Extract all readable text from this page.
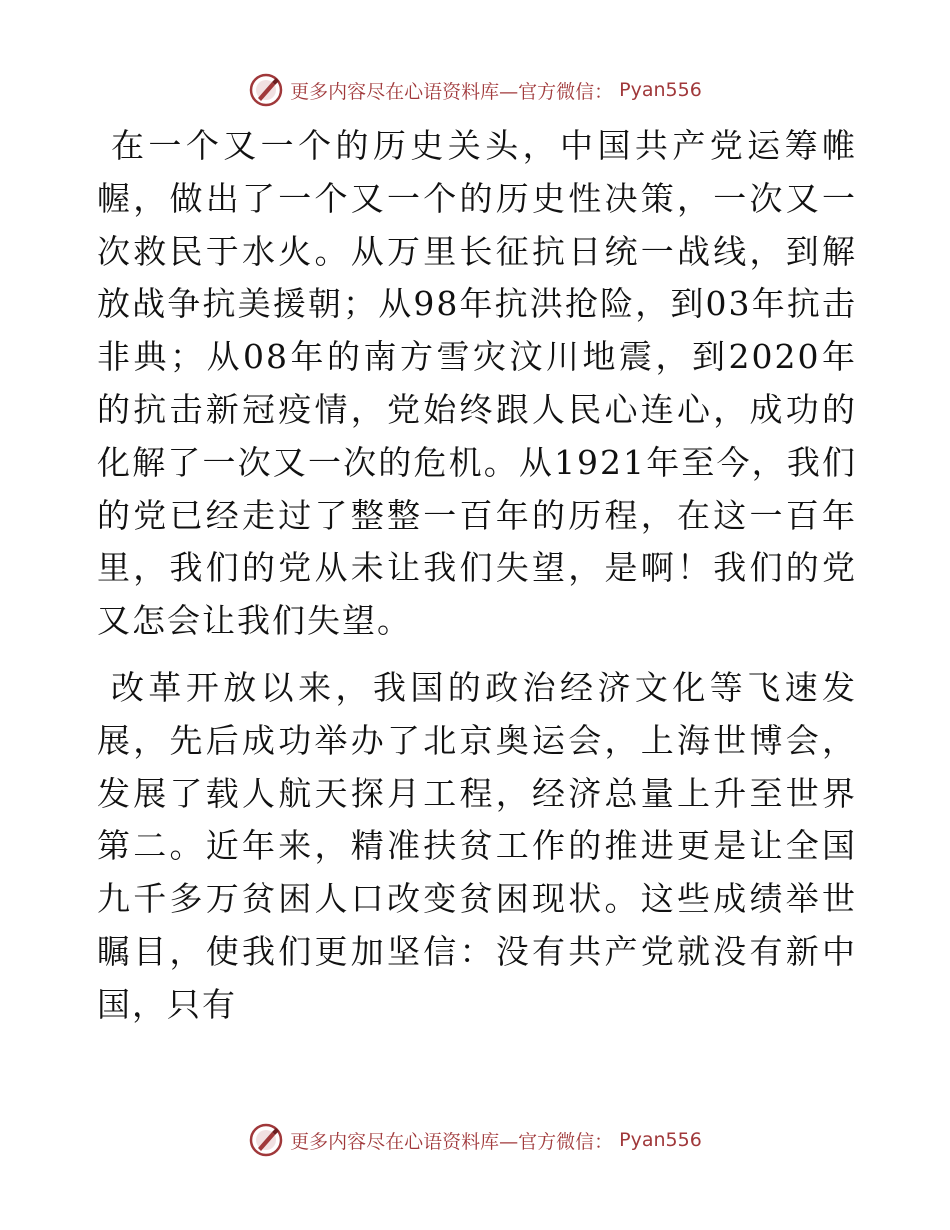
更多内容尽在心语资料库—官方微信： Pyan556

在一个又一个的历史关头，中国共产党运筹帷幄，做出了一个又一个的历史性决策，一次又一次救民于水火。从万里长征抗日统一战线，到解放战争抗美援朝；从98年抗洪抢险，到03年抗击非典；从08年的南方雪灾汶川地震，到2020年的抗击新冠疫情，党始终跟人民心连心，成功的化解了一次又一次的危机。从1921年至今，我们的党已经走过了整整一百年的历程，在这一百年里，我们的党从未让我们失望，是啊！我们的党又怎会让我们失望。

改革开放以来，我国的政治经济文化等飞速发展，先后成功举办了北京奥运会，上海世博会，发展了载人航天探月工程，经济总量上升至世界第二。近年来，精准扶贫工作的推进更是让全国九千多万贫困人口改变贫困现状。这些成绩举世瞩目，使我们更加坚信：没有共产党就没有新中国，只有

更多内容尽在心语资料库—官方微信： Pyan556
